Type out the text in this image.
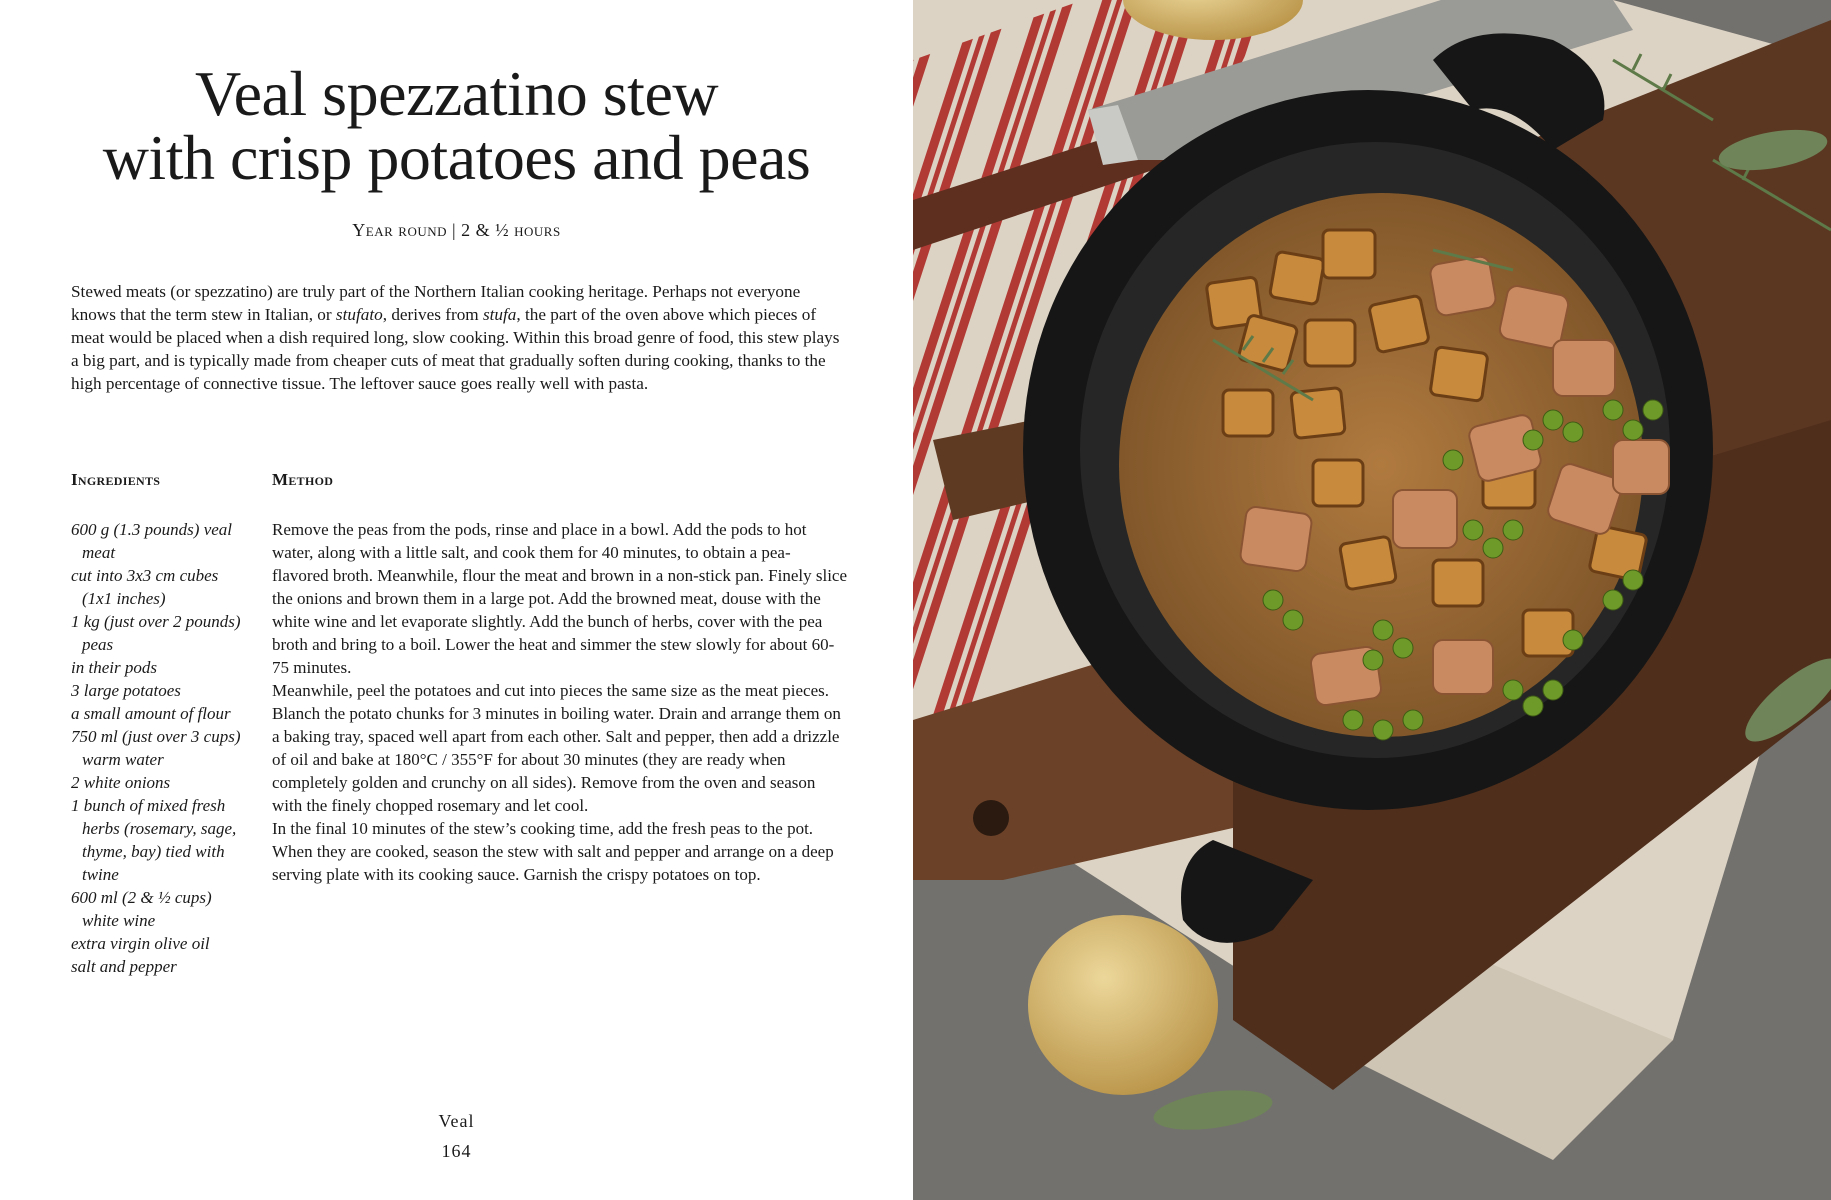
Veal spezzatino stew
with crisp potatoes and peas
Year round | 2 & ½ hours

Stewed meats (or spezzatino) are truly part of the Northern Italian cooking heritage. Perhaps not everyone knows that the term stew in Italian, or stufato, derives from stufa, the part of the oven above which pieces of meat would be placed when a dish required long, slow cooking. Within this broad genre of food, this stew plays a big part, and is typically made from cheaper cuts of meat that gradually soften during cooking, thanks to the high percentage of connective tissue. The leftover sauce goes really well with pasta.

Ingredients	Method
600 g (1.3 pounds) veal meat
cut into 3x3 cm cubes (1x1 inches)
1 kg (just over 2 pounds) peas
in their pods
3 large potatoes
a small amount of flour
750 ml (just over 3 cups) warm water
2 white onions
1 bunch of mixed fresh herbs (rosemary, sage, thyme, bay) tied with twine
600 ml (2 & ½ cups) white wine
extra virgin olive oil
salt and pepper

Remove the peas from the pods, rinse and place in a bowl. Add the pods to hot water, along with a little salt, and cook them for 40 minutes, to obtain a pea-flavored broth. Meanwhile, flour the meat and brown in a non-stick pan. Finely slice the onions and brown them in a large pot. Add the browned meat, douse with the white wine and let evaporate slightly. Add the bunch of herbs, cover with the pea broth and bring to a boil. Lower the heat and simmer the stew slowly for about 60-75 minutes.

Meanwhile, peel the potatoes and cut into pieces the same size as the meat pieces. Blanch the potato chunks for 3 minutes in boiling water. Drain and arrange them on a baking tray, spaced well apart from each other. Salt and pepper, then add a drizzle of oil and bake at 180°C / 355°F for about 30 minutes (they are ready when completely golden and crunchy on all sides). Remove from the oven and season with the finely chopped rosemary and let cool.

In the final 10 minutes of the stew’s cooking time, add the fresh peas to the pot. When they are cooked, season the stew with salt and pepper and arrange on a deep serving plate with its cooking sauce. Garnish the crispy potatoes on top.

Veal
164
